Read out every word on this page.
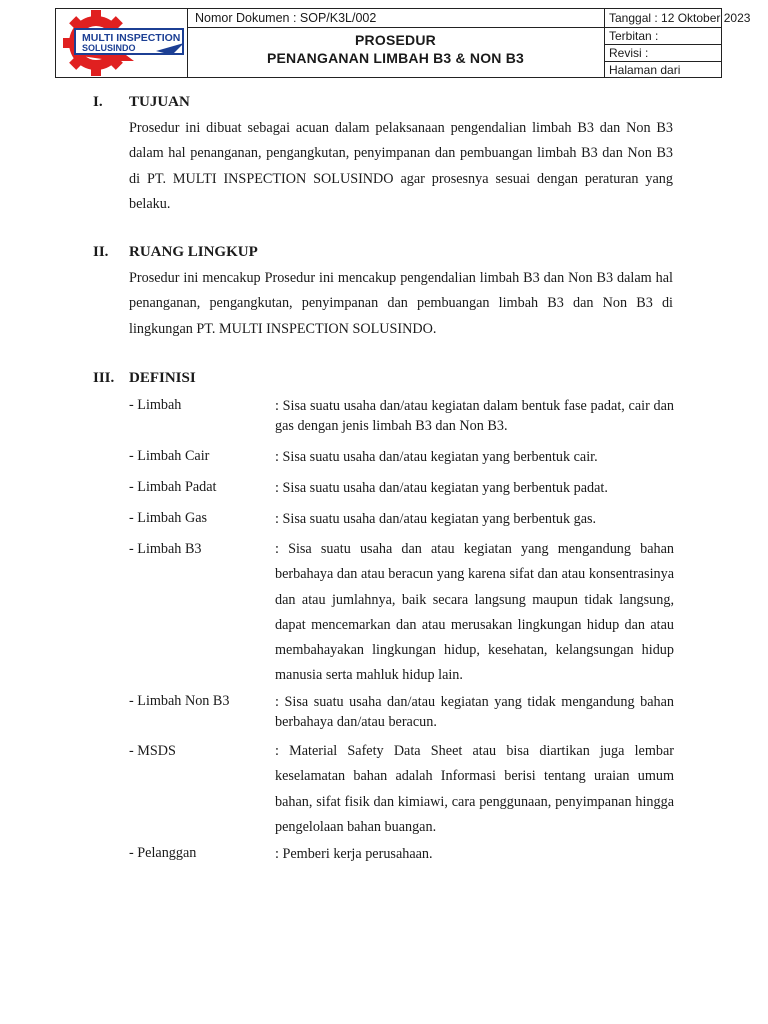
MULTI INSPECTION
SOLUSINDO
Nomor Dokumen : SOP/K3L/002
PROSEDUR
PENANGANAN LIMBAH B3 & NON B3
Tanggal : 12 Oktober 2023
Terbitan :
Revisi :
Halaman dari
I. TUJUAN
Prosedur ini dibuat sebagai acuan dalam pelaksanaan pengendalian limbah B3 dan Non B3 dalam hal penanganan, pengangkutan, penyimpanan dan pembuangan limbah B3 dan Non B3 di PT. MULTI INSPECTION SOLUSINDO agar prosesnya sesuai dengan peraturan yang belaku.
II. RUANG LINGKUP
Prosedur ini mencakup Prosedur ini mencakup pengendalian limbah B3 dan Non B3 dalam hal penanganan, pengangkutan, penyimpanan dan pembuangan limbah B3 dan Non B3 di lingkungan PT. MULTI INSPECTION SOLUSINDO.
III. DEFINISI
- Limbah	: Sisa suatu usaha dan/atau kegiatan dalam bentuk fase padat, cair dan gas dengan jenis limbah B3 dan Non B3.
- Limbah Cair	: Sisa suatu usaha dan/atau kegiatan yang berbentuk cair.
- Limbah Padat	: Sisa suatu usaha dan/atau kegiatan yang berbentuk padat.
- Limbah Gas	: Sisa suatu usaha dan/atau kegiatan yang berbentuk gas.
- Limbah B3	: Sisa suatu usaha dan atau kegiatan yang mengandung bahan berbahaya dan atau beracun yang karena sifat dan atau konsentrasinya dan atau jumlahnya, baik secara langsung maupun tidak langsung, dapat mencemarkan dan atau merusakan lingkungan hidup dan atau membahayakan lingkungan hidup, kesehatan, kelangsungan hidup manusia serta mahluk hidup lain.
- Limbah Non B3	: Sisa suatu usaha dan/atau kegiatan yang tidak mengandung bahan berbahaya dan/atau beracun.
- MSDS	: Material Safety Data Sheet atau bisa diartikan juga lembar keselamatan bahan adalah Informasi berisi tentang uraian umum bahan, sifat fisik dan kimiawi, cara penggunaan, penyimpanan hingga pengelolaan bahan buangan.
- Pelanggan	: Pemberi kerja perusahaan.
